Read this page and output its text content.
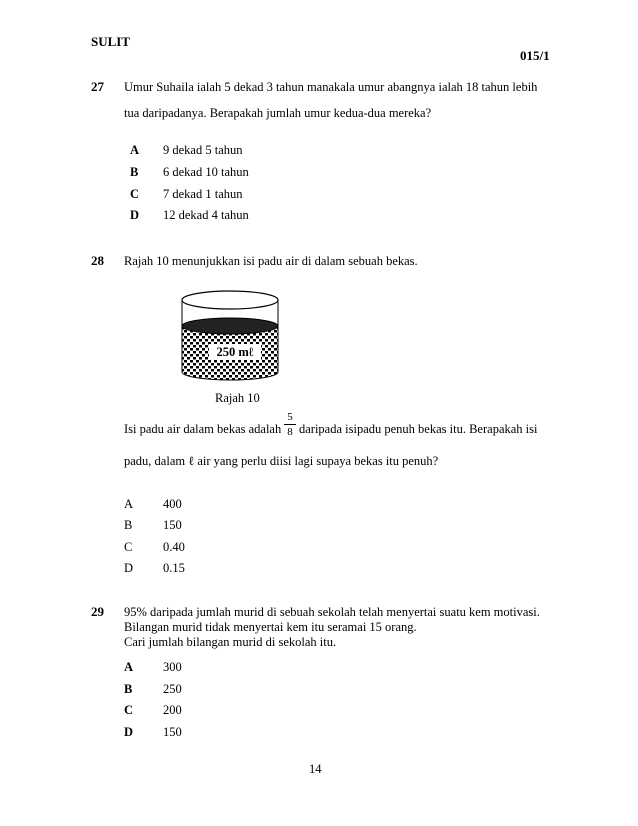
SULIT
015/1
27 Umur Suhaila ialah 5 dekad 3 tahun manakala umur abangnya ialah 18 tahun lebih
tua daripadanya. Berapakah jumlah umur kedua-dua mereka?
A 9 dekad 5 tahun
B 6 dekad 10 tahun
C 7 dekad 1 tahun
D 12 dekad 4 tahun
28 Rajah 10 menunjukkan isi padu air di dalam sebuah bekas.
250 mℓ
Rajah 10
Isi padu air dalam bekas adalah
5
8 daripada isipadu penuh bekas itu. Berapakah isi
padu, dalam ℓ air yang perlu diisi lagi supaya bekas itu penuh?
A 400
B 150
C 0.40
D 0.15
29 95% daripada jumlah murid di sebuah sekolah telah menyertai suatu kem motivasi.
Bilangan murid tidak menyertai kem itu seramai 15 orang.
Cari jumlah bilangan murid di sekolah itu.
A 300
B 250
C 200
D 150
14
